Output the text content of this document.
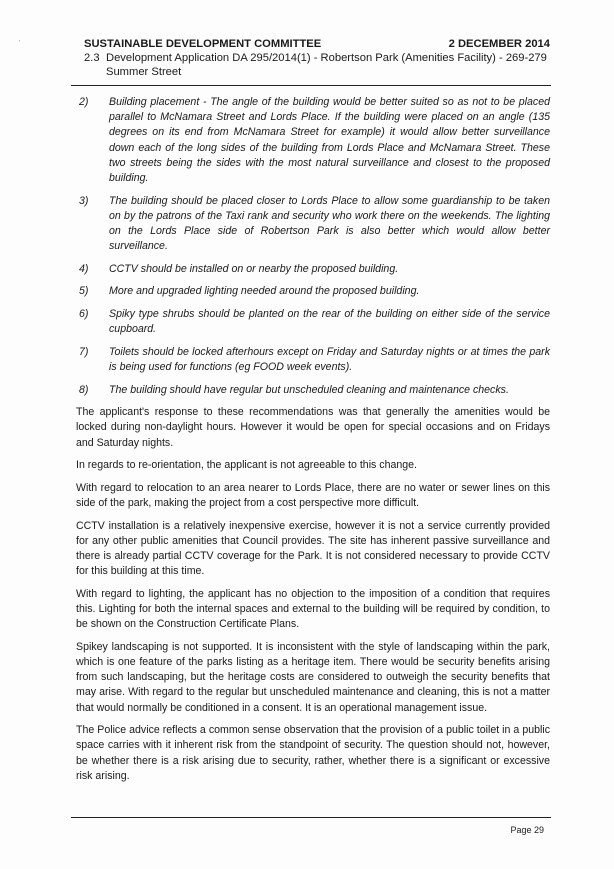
'	SUSTAINABLE DEVELOPMENT COMMITTEE	2 DECEMBER 2014
2.3 Development Application DA 295/2014(1) - Robertson Park (Amenities Facility) - 269-279 Summer Street
2)	Building placement - The angle of the building would be better suited so as not to be placed parallel to McNamara Street and Lords Place. If the building were placed on an angle (135 degrees on its end from McNamara Street for example) it would allow better surveillance down each of the long sides of the building from Lords Place and McNamara Street. These two streets being the sides with the most natural surveillance and closest to the proposed building.
3)	The building should be placed closer to Lords Place to allow some guardianship to be taken on by the patrons of the Taxi rank and security who work there on the weekends. The lighting on the Lords Place side of Robertson Park is also better which would allow better surveillance.
4)	CCTV should be installed on or nearby the proposed building.
5)	More and upgraded lighting needed around the proposed building.
6)	Spiky type shrubs should be planted on the rear of the building on either side of the service cupboard.
7)	Toilets should be locked afterhours except on Friday and Saturday nights or at times the park is being used for functions (eg FOOD week events).
8)	The building should have regular but unscheduled cleaning and maintenance checks.

The applicant's response to these recommendations was that generally the amenities would be locked during non-daylight hours. However it would be open for special occasions and on Fridays and Saturday nights.

In regards to re-orientation, the applicant is not agreeable to this change.

With regard to relocation to an area nearer to Lords Place, there are no water or sewer lines on this side of the park, making the project from a cost perspective more difficult.

CCTV installation is a relatively inexpensive exercise, however it is not a service currently provided for any other public amenities that Council provides. The site has inherent passive surveillance and there is already partial CCTV coverage for the Park. It is not considered necessary to provide CCTV for this building at this time.

With regard to lighting, the applicant has no objection to the imposition of a condition that requires this. Lighting for both the internal spaces and external to the building will be required by condition, to be shown on the Construction Certificate Plans.

Spikey landscaping is not supported. It is inconsistent with the style of landscaping within the park, which is one feature of the parks listing as a heritage item. There would be security benefits arising from such landscaping, but the heritage costs are considered to outweigh the security benefits that may arise. With regard to the regular but unscheduled maintenance and cleaning, this is not a matter that would normally be conditioned in a consent. It is an operational management issue.

The Police advice reflects a common sense observation that the provision of a public toilet in a public space carries with it inherent risk from the standpoint of security. The question should not, however, be whether there is a risk arising due to security, rather, whether there is a significant or excessive risk arising.

Page 29
